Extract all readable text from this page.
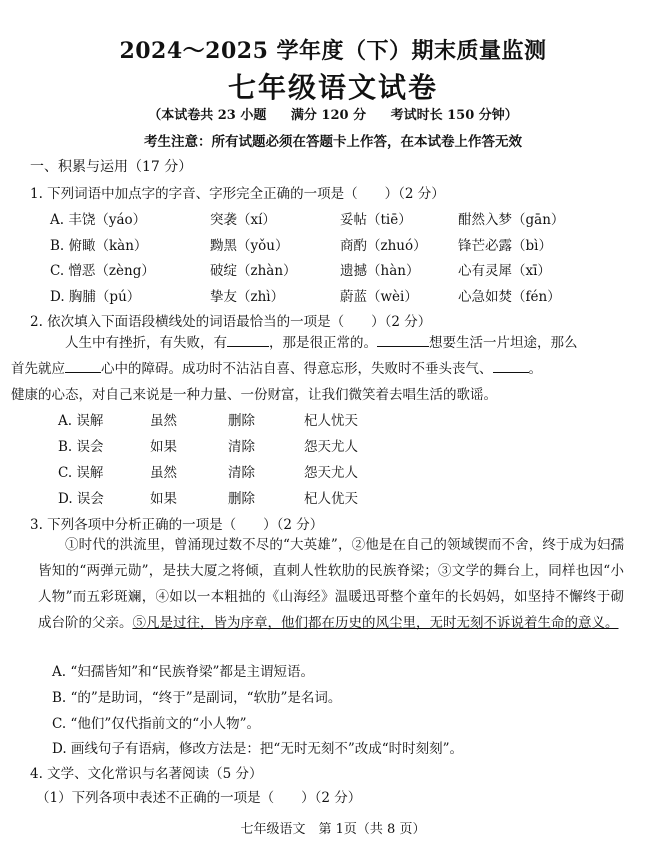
2024～2025 学年度（下）期末质量监测
七年级语文试卷
（本试卷共 23 小题 满分 120 分 考试时长 150 分钟）
考生注意：所有试题必须在答题卡上作答，在本试卷上作答无效
一、积累与运用（17 分）
1. 下列词语中加点字的字音、字形完全正确的一项是（　　）（2 分）
A. 丰饶（yáo）	突袭（xí）	妥帖（tiē）	酣然入梦（gān）
B. 俯瞰（kàn）	黝黑（yǒu）	商酌（zhuó） 锋芒必露（bì）
C. 憎恶（zèng）	破绽（zhàn）	遗撼（hàn）	心有灵犀（xī）
D. 胸脯（pú）	挚友（zhì）	蔚蓝（wèi）	心急如焚（fén）
2. 依次填入下面语段横线处的词语最恰当的一项是（　　）（2 分）
人生中有挫折，有失败，有	，那是很正常的。	想要生活一片坦途，那么
首先就应	心中的障碍。成功时不沾沾自喜、得意忘形，失败时不垂头丧气、	。
健康的心态，对自己来说是一种力量、一份财富，让我们微笑着去唱生活的歌谣。
A. 误解	虽然	删除	杞人忧天
B. 误会	如果	清除	怨天尤人
C. 误解	虽然	清除	怨天尤人
D. 误会	如果	删除	杞人优天
3. 下列各项中分析正确的一项是（　　）（2 分）
①时代的洪流里，曾涌现过数不尽的“大英雄”，②他是在自己的领域锲而不舍，终于成为妇孺皆知的“两弹元勋”，是扶大厦之将倾，直刺人性软肋的民族脊梁；③文学的舞台上，同样也因“小人物”而五彩斑斓，④如以一本粗拙的《山海经》温暖迅哥整个童年的长妈妈，如坚持不懈终于砌成台阶的父亲。⑤凡是过往，皆为序章，他们都在历史的风尘里，无时无刻不诉说着生命的意义。
A. “妇孺皆知”和“民族脊梁”都是主谓短语。
B. “的”是助词，“终于”是副词，“软肋”是名词。
C. “他们”仅代指前文的“小人物”。
D. 画线句子有语病，修改方法是：把“无时无刻不”改成“时时刻刻”。
4. 文学、文化常识与名著阅读（5 分）
（1）下列各项中表述不正确的一项是（　　）（2 分）
七年级语文　第 1页（共 8 页）
